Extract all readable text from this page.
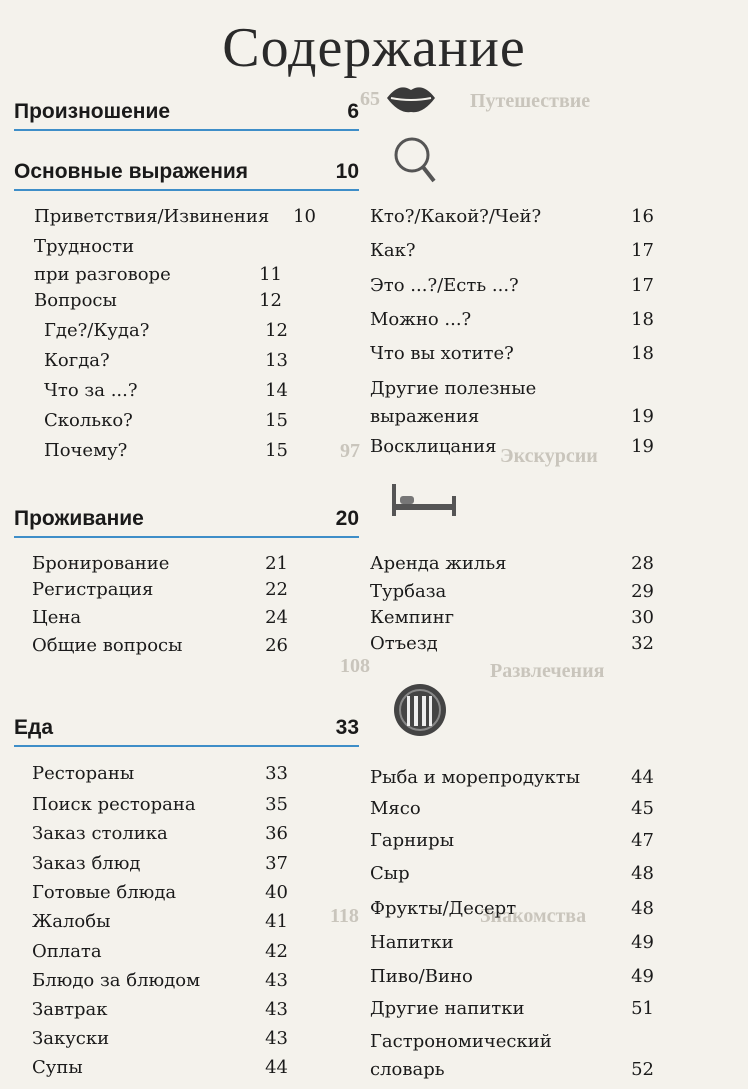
Содержание
Путешествие
65
Экскурсии
97
Развлечения
108
Знакомства
118
Произношение	6
Основные выражения	10
Приветствия/Извинения 10
Трудности
при разговоре	11
Вопросы	12
Где?/Куда?	12
Когда?	13
Что за ...?	14
Сколько?	15
Почему?	15
Кто?/Какой?/Чей?	16
Как?	17
Это ...?/Есть ...?	17
Можно ...?	18
Что вы хотите?	18
Другие полезные
выражения	19
Восклицания	19
Проживание	20
Бронирование	21
Регистрация	22
Цена	24
Общие вопросы	26
Аренда жилья	28
Турбаза	29
Кемпинг	30
Отъезд	32
Еда	33
Рестораны	33
Поиск ресторана	35
Заказ столика	36
Заказ блюд	37
Готовые блюда	40
Жалобы	41
Оплата	42
Блюдо за блюдом	43
Завтрак	43
Закуски	43
Супы	44
Рыба и морепродукты	44
Мясо	45
Гарниры	47
Сыр	48
Фрукты/Десерт	48
Напитки	49
Пиво/Вино	49
Другие напитки	51
Гастрономический
словарь	52
